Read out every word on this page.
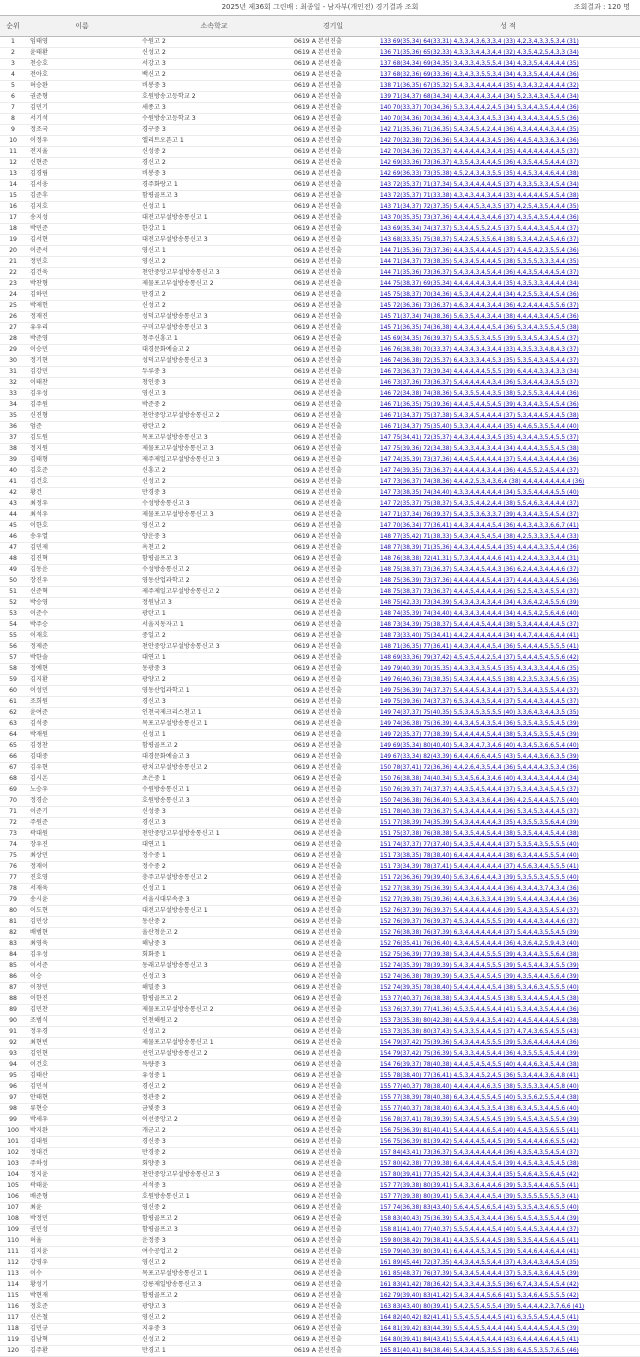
2025년 제36회 그린배 : 최종일 - 남자부(개인전) 경기결과 조회	조회결과 : 120 명
순위	이름	소속학교	경기일	성 적
1	임태영	수원고 2	0619 A 본선진출	133 69(35,34) 64(33,31) 4,3,3,4,3,6,3,3,4 (33) 4,2,3,4,3,3,5,3,4 (31)
2	윤태환	신성고 2	0619 A 본선진출	136 71(35,36) 65(32,33) 4,3,3,3,4,4,3,4,4 (32) 4,3,5,4,2,5,4,3,3 (34)
3	천승호	서강고 3	0619 A 본선진출	137 68(34,34) 69(34,35) 3,4,3,3,4,3,5,5,4 (34) 4,3,3,5,4,4,4,4,4 (35)
4	전아호	백신고 2	0619 A 본선진출	137 68(32,36) 69(33,36) 4,3,4,3,3,5,5,3,4 (34) 4,3,3,5,4,4,4,4,4 (36)
5	허승완	비봉중 3	0619 A 본선진출	138 71(36,35) 67(35,32) 5,4,3,3,4,4,4,4,4 (35) 4,3,4,3,2,4,4,4,4 (32)
6	권준형	호원방송고등학교 2	0619 A 본선진출	139 71(34,37) 68(34,34) 4,4,3,4,4,4,3,4,4 (34) 5,2,3,4,3,4,5,4,4 (34)
7	김민기	세종고 3	0619 A 본선진출	140 70(33,37) 70(34,36) 5,3,3,4,4,4,2,4,5 (34) 5,3,4,4,3,5,4,4,4 (36)
8	서기석	수원방송고등학교 3	0619 A 본선진출	140 70(34,36) 70(34,36) 4,3,4,4,3,4,4,5,3 (34) 4,3,4,4,3,4,4,5,5 (36)
9	정조국	경구중 3	0619 A 본선진출	142 71(35,36) 71(36,35) 5,4,3,4,5,4,2,4,4 (36) 4,3,4,4,4,4,3,4,4 (35)
10	이정우	엘리트오픈고 1	0619 A 본선진출	142 70(32,38) 72(36,36) 5,4,3,4,4,4,3,4,5 (36) 4,4,5,4,3,3,6,3,4 (36)
11	전지율	신성중 2	0619 A 본선진출	142 70(34,36) 72(35,37) 4,4,4,4,4,4,3,4,4 (35) 4,4,4,4,4,4,4,4,5 (37)
12	신현준	경신고 2	0619 A 본선진출	142 69(33,36) 73(36,37) 4,3,5,4,3,4,4,4,5 (36) 4,3,5,4,4,5,4,4,4 (37)
13	김경림	비봉중 3	0619 A 본선진출	142 69(36,33) 73(35,38) 4,5,2,4,3,4,3,5,5 (35) 4,4,5,3,4,4,6,4,4 (38)
14	김서웅	경주화랑고 1	0619 A 본선진출	143 72(35,37) 71(37,34) 5,4,3,4,4,4,4,4,5 (37) 4,3,3,5,3,3,4,5,4 (34)
15	김준후	함평골프고 3	0619 A 본선진출	143 72(35,37) 71(33,38) 4,3,4,3,4,4,3,4,4 (33) 4,4,4,4,4,5,4,5,4 (38)
16	김지호	신성고 1	0619 A 본선진출	143 71(34,37) 72(37,35) 5,4,4,4,5,3,4,3,5 (37) 4,2,5,4,3,5,4,4,4 (35)
17	송지성	대전고부설방송통신고 1	0619 A 본선진출	143 70(35,35) 73(37,36) 4,4,4,4,4,3,4,4,6 (37) 4,3,5,4,3,5,4,4,4 (36)
18	박민준	한강고 1	0619 A 본선진출	143 69(35,34) 74(37,37) 5,3,4,4,5,5,2,4,5 (37) 5,4,4,4,3,4,5,4,4 (37)
19	김서현	대전고부설방송통신고 3	0619 A 본선진출	143 68(33,35) 75(38,37) 5,4,2,4,5,3,5,6,4 (38) 5,3,4,4,2,4,5,4,6 (37)
20	이준서	영신고 1	0619 A 본선진출	144 71(35,36) 73(37,36) 4,4,3,5,4,4,4,4,5 (37) 4,4,5,4,2,3,5,5,4 (36)
21	정민호	영신고 2	0619 A 본선진출	144 71(34,37) 73(38,35) 5,4,3,4,5,4,4,4,5 (38) 5,3,5,5,3,3,3,4,4 (35)
22	김건욱	천안중앙고부설방송통신고 3	0619 A 본선진출	144 71(35,36) 73(36,37) 5,4,3,4,3,4,5,4,4 (36) 4,4,3,5,4,4,4,5,4 (37)
23	박찬형	제물포고부설방송통신고 2	0619 A 본선진출	144 75(38,37) 69(35,34) 4,4,4,4,4,4,3,4,4 (35) 4,3,5,3,3,4,4,4,4 (34)
24	김하민	만경고 2	0619 A 본선진출	145 75(38,37) 70(34,36) 4,5,3,4,4,4,2,4,4 (34) 4,2,5,5,3,4,4,5,4 (36)
25	박제헌	신성고 2	0619 A 본선진출	145 72(36,36) 73(36,37) 4,6,3,4,4,4,3,4,4 (36) 4,2,4,4,4,4,5,5,6 (37)
26	정재진	성덕고부설방송통신고 3	0619 A 본선진출	145 71(37,34) 74(38,36) 5,6,3,5,4,4,3,4,4 (38) 4,4,4,4,3,4,4,5,4 (36)
27	유우리	구미고부설방송통신고 3	0619 A 본선진출	145 71(36,35) 74(36,38) 4,4,3,4,4,4,4,5,4 (36) 5,3,4,4,3,5,5,4,5 (38)
28	박준영	청주신흥고 1	0619 A 본선진출	145 69(34,35) 76(39,37) 5,4,3,5,5,3,4,5,5 (39) 5,3,4,5,4,3,4,5,4 (37)
29	이승민	대경문화예술고 2	0619 A 본선진출	146 76(38,38) 70(33,37) 4,4,3,4,3,4,3,4,4 (33) 4,3,5,3,3,4,8,4,3 (37)
30	정기현	성덕고부설방송통신고 3	0619 A 본선진출	146 74(36,38) 72(35,37) 6,4,3,3,3,4,4,5,3 (35) 5,3,5,4,3,4,5,4,4 (37)
31	김강민	두루중 3	0619 A 본선진출	146 73(36,37) 73(39,34) 4,4,4,4,4,4,5,5,5 (39) 6,4,4,4,3,3,4,3,3 (34)
32	이태찬	청인중 3	0619 A 본선진출	146 73(37,36) 73(36,37) 5,4,4,4,4,4,4,3,4 (36) 5,3,4,4,4,3,4,5,5 (37)
33	김우성	영신고 3	0619 A 본선진출	146 72(34,38) 74(38,36) 5,4,3,5,5,4,4,3,5 (38) 5,2,5,5,3,4,4,4,4 (36)
34	김주원	박준중 2	0619 A 본선진출	146 71(36,35) 75(39,36) 4,4,4,5,4,4,5,4,5 (39) 4,3,4,4,3,5,4,5,4 (36)
35	신진형	천안중앙고부설방송통신고 2	0619 A 본선진출	146 71(34,37) 75(37,38) 5,4,3,4,5,4,4,4,4 (37) 5,3,4,4,4,5,4,4,5 (38)
36	엄준	광탄고 2	0619 A 본선진출	146 71(34,37) 75(35,40) 5,3,3,4,4,4,4,4,4 (35) 4,4,6,5,3,5,5,4,4 (40)
37	김도원	목포고부설방송통신고 3	0619 A 본선진출	147 75(34,41) 72(35,37) 4,4,3,4,4,4,3,4,5 (35) 4,3,4,4,3,5,4,5,5 (37)
38	정지원	제물포고부설방송통신고 3	0619 A 본선진출	147 75(39,36) 72(34,38) 5,4,3,3,4,4,3,4,4 (34) 4,4,4,4,3,5,5,4,5 (38)
39	김태형	제주제일고부설방송통신고 3	0619 A 본선진출	147 74(35,39) 73(37,36) 4,4,4,5,4,4,4,4,4 (37) 5,4,4,4,3,4,4,4,4 (36)
40	김호준	신흥고 2	0619 A 본선진출	147 74(39,35) 73(36,37) 4,4,4,4,4,4,3,4,4 (36) 4,4,5,5,2,4,5,4,4 (37)
41	김건호	신성고 2	0619 A 본선진출	147 73(36,37) 74(38,36) 4,4,4,2,5,3,4,3,6,4 (38) 4,4,4,4,4,4,4,4,4 (36)
42	황건	만경중 3	0619 A 본선진출	147 73(38,35) 74(34,40) 4,3,3,4,4,4,4,4,4 (34) 5,3,5,4,4,4,4,5,5 (40)
43	최정우	수성방송통신고 3	0619 A 본선진출	147 72(35,37) 75(38,37) 5,4,3,5,4,4,2,4,4 (38) 5,5,4,6,3,4,4,4,4 (37)
44	최석우	제물포고부설방송통신고 3	0619 A 본선진출	147 71(37,34) 76(39,37) 5,4,3,5,3,6,3,3,7 (39) 4,3,4,4,3,5,4,5,4 (37)
45	이한호	영신고 2	0619 A 본선진출	147 70(36,34) 77(36,41) 4,4,3,4,4,4,4,5,4 (36) 4,4,3,4,3,3,6,6,7 (41)
46	송우열	양운중 3	0619 A 본선진출	148 77(35,42) 71(38,33) 5,4,3,4,4,5,4,5,4 (38) 4,2,5,3,3,3,5,4,4 (33)
47	김민제	옥천고 2	0619 A 본선진출	148 77(38,39) 71(35,36) 4,4,3,4,4,4,5,4,4 (35) 4,4,4,4,3,3,5,4,4 (36)
48	김진혁	함평골프고 3	0619 A 본선진출	148 76(38,38) 72(41,31) 5,7,3,4,4,4,4,4,6 (41) 4,2,4,4,3,3,3,4,4 (31)
49	김동운	수성방송통신고 2	0619 A 본선진출	148 75(38,37) 73(36,37) 5,4,3,4,4,5,4,4,3 (36) 6,2,4,4,3,4,4,4,6 (37)
50	장진우	영동산업과학고 2	0619 A 본선진출	148 75(36,39) 73(37,36) 4,4,4,4,4,4,5,4,4 (37) 4,4,4,4,3,4,4,5,4 (36)
51	신준혁	제주제일고부설방송통신고 2	0619 A 본선진출	148 75(38,37) 73(36,37) 4,4,4,5,4,4,4,4,4 (36) 5,2,5,4,3,4,5,5,4 (37)
52	박승영	정원남고 3	0619 A 본선진출	148 75(42,33) 73(34,39) 5,4,3,4,3,4,3,4,4 (34) 4,3,6,4,2,4,5,5,6 (39)
53	이준수	광탄고 1	0619 A 본선진출	148 74(35,39) 74(34,40) 4,4,3,4,3,4,4,4,4 (34) 4,4,5,4,2,5,6,4,6 (40)
54	박주승	서울지동자고 1	0619 A 본선진출	148 73(34,39) 75(38,37) 5,4,4,4,4,5,4,4,4 (38) 5,3,4,4,4,4,4,4,5 (37)
55	이재호	중일고 2	0619 A 본선진출	148 73(33,40) 75(34,41) 4,4,2,4,4,4,4,4,4 (34) 4,4,7,4,4,4,6,4,4 (41)
56	정제준	천안중앙고부설방송통신고 3	0619 A 본선진출	148 71(36,35) 77(36,41) 4,4,3,4,4,4,4,5,4 (36) 5,4,4,4,4,5,5,5,5 (41)
57	박한솔	대연고 1	0619 A 본선진출	148 69(33,36) 79(37,42) 4,5,4,5,4,4,2,5,4 (37) 5,4,4,4,5,4,5,5,6 (42)
58	정예현	동광중 3	0619 A 본선진출	149 79(40,39) 70(35,35) 4,4,3,3,4,3,5,4,5 (35) 4,3,4,3,3,4,4,4,6 (35)
59	김지환	광양고 2	0619 A 본선진출	149 76(40,36) 73(38,35) 5,4,3,4,4,4,4,5,5 (38) 4,2,3,5,3,3,4,5,6 (35)
60	이성민	영동산업과학고 1	0619 A 본선진출	149 75(36,39) 74(37,37) 5,4,4,4,5,4,3,4,4 (37) 5,3,4,4,3,5,5,4,4 (37)
61	조희원	경신고 3	0619 A 본선진출	149 75(39,36) 74(37,37) 6,5,3,4,4,3,5,4,4 (37) 5,4,4,4,3,4,4,4,5 (37)
62	윤여준	인천국제크리스천고 1	0619 A 본선진출	149 74(37,37) 75(40,35) 5,5,3,4,5,3,5,5,5 (40) 3,3,6,4,3,4,4,3,5 (35)
63	김석중	목포고부설방송통신고 1	0619 A 본선진출	149 74(36,38) 75(36,39) 4,4,3,4,5,4,3,5,4 (36) 5,3,5,4,3,5,5,4,5 (39)
64	박재원	신성고 1	0619 A 본선진출	149 72(35,37) 77(38,39) 5,4,4,4,4,4,5,4,4 (38) 5,3,4,5,3,5,5,4,5 (39)
65	김정찬	함평골프고 2	0619 A 본선진출	149 69(35,34) 80(40,40) 5,4,3,4,4,7,3,4,6 (40) 4,3,4,5,3,6,6,5,4 (40)
66	김대중	대경문화예술고 3	0619 A 본선진출	149 67(33,34) 82(43,39) 6,4,4,4,6,6,4,4,5 (43) 5,4,4,4,3,6,6,3,5 (39)
67	김우현	광치고부설방송통신고 2	0619 A 본선진출	150 78(37,41) 72(36,36) 4,4,2,6,4,3,5,4,4 (36) 5,4,4,4,4,3,5,3,4 (36)
68	김시온	초은중 1	0619 A 본선진출	150 76(38,38) 74(40,34) 5,3,4,5,6,4,3,4,6 (40) 4,3,4,4,3,4,4,4,4 (34)
69	노승우	수원방송통신고 1	0619 A 본선진출	150 76(39,37) 74(37,37) 4,4,3,5,4,5,4,4,4 (37) 5,3,4,4,3,4,5,4,5 (37)
70	정경순	호원방송통신고 3	0619 A 본선진출	150 74(36,38) 76(36,40) 5,3,4,3,4,3,6,4,4 (36) 4,2,5,4,4,4,5,7,5 (40)
71	이준기	신성중 3	0619 A 본선진출	151 78(40,38) 73(36,37) 5,4,3,4,4,4,4,4,4 (36) 5,3,4,5,3,4,4,4,5 (37)
72	주원준	경신고 3	0619 A 본선진출	151 77(38,39) 74(35,39) 5,4,3,4,4,4,4,4,3 (35) 4,3,5,5,3,5,6,4,4 (39)
73	곽대원	천안중앙고부설방송통신고 1	0619 A 본선진출	151 75(37,38) 76(38,38) 5,4,3,5,4,4,5,4,4 (38) 5,3,5,4,4,4,5,4,4 (38)
74	장우진	대연고 1	0619 A 본선진출	151 74(37,37) 77(37,40) 5,4,3,5,4,4,4,4,4 (37) 5,3,5,4,3,5,5,5,5 (40)
75	최상민	정수중 1	0619 A 본선진출	151 73(38,35) 78(38,40) 6,4,4,4,4,4,4,4,4 (38) 6,3,4,4,4,5,5,5,4 (40)
76	정재이	정수중 2	0619 A 본선진출	151 73(34,39) 78(37,41) 5,4,4,4,4,4,4,4,4 (37) 4,5,6,3,4,4,5,5,5 (41)
77	진호영	충주고부설방송통신고 2	0619 A 본선진출	151 72(36,36) 79(39,40) 5,6,3,4,6,4,4,4,3 (39) 5,3,5,5,3,4,5,5,5 (40)
78	서재욱	신성고 1	0619 A 본선진출	152 77(38,39) 75(36,39) 5,4,3,4,4,4,4,4,4 (36) 4,3,4,4,3,7,4,3,4 (36)
79	송시윤	서울시대부속중 3	0619 A 본선진출	152 77(39,38) 75(39,36) 4,4,4,3,6,3,3,4,4 (39) 5,4,4,4,4,3,4,4,4 (36)
80	이도현	대전고부설방송통신고 1	0619 A 본선진출	152 76(37,39) 76(39,37) 5,4,4,4,4,4,4,4,6 (39) 5,4,3,4,3,5,4,5,4 (37)
81	김민상	동산중 2	0619 A 본선진출	152 76(39,37) 76(39,37) 4,5,3,4,4,4,5,5,5 (39) 4,4,4,4,3,4,4,4,6 (37)
82	배범현	울산청운고 2	0619 A 본선진출	152 76(38,38) 76(37,39) 6,3,4,4,4,4,4,4,4 (37) 5,4,4,4,3,5,5,4,5 (39)
83	최영욱	해남중 3	0619 A 본선진출	152 76(35,41) 76(36,40) 4,3,4,4,5,4,4,4,4 (36) 4,3,6,4,2,5,9,4,3 (40)
84	김우성	회화중 1	0619 A 본선진출	152 75(36,39) 77(39,38) 5,4,3,4,4,4,5,5,5 (39) 4,3,4,4,3,5,5,6,4 (38)
85	이서준	동래고부설방송통신고 3	0619 A 본선진출	152 74(35,39) 78(39,39) 5,4,3,4,4,4,5,5,5 (39) 5,4,5,4,4,3,4,5,5 (39)
86	이승	신성고 3	0619 A 본선진출	152 74(36,38) 78(39,39) 5,4,3,5,4,4,5,4,5 (39) 4,3,5,4,4,4,5,6,4 (39)
87	이창민	해밀중 3	0619 A 본선진출	152 74(39,35) 78(38,40) 5,4,4,4,4,4,4,5,4 (38) 5,3,4,6,3,4,5,5,5 (40)
88	이한진	함평골프고 2	0619 A 본선진출	153 77(40,37) 76(38,38) 5,4,3,4,4,4,5,4,5 (38) 5,3,4,4,4,5,4,4,5 (38)
89	김민찬	제물포고부설방송통신고 2	0619 A 본선진출	153 76(37,39) 77(41,36) 4,5,3,5,4,4,5,4,4 (41) 5,3,4,4,3,5,4,4,4 (36)
90	조범식	인천해원고 2	0619 A 본선진출	153 73(35,38) 80(42,38) 4,4,5,9,4,4,3,5,4 (42) 4,4,5,4,4,4,4,5,4 (38)
91	정우경	신성고 2	0619 A 본선진출	153 73(35,38) 80(37,43) 5,4,3,3,5,4,4,4,5 (37) 4,7,4,3,6,5,4,5,5 (43)
92	최현빈	제물포고부설방송통신고 1	0619 A 본선진출	154 79(37,42) 75(39,36) 5,4,3,4,4,4,5,5,5 (39) 5,3,6,4,4,4,4,4,4 (36)
93	김인현	선인고부설방송통신고 2	0619 A 본선진출	154 79(37,42) 75(36,39) 5,4,3,3,4,4,5,4,4 (36) 4,3,5,5,5,4,5,4,4 (39)
94	이건호	득량중 3	0619 A 본선진출	154 76(39,37) 78(40,38) 4,4,4,5,4,5,4,5,5 (40) 4,4,4,6,3,4,5,4,4 (38)
95	김태산	유성중 1	0619 A 본선진출	155 78(38,40) 77(36,41) 4,5,3,4,4,5,2,4,5 (36) 5,3,4,4,4,3,6,4,8 (41)
96	김민석	경신고 2	0619 A 본선진출	155 77(40,37) 78(38,40) 4,4,4,4,4,4,6,3,5 (38) 5,3,5,3,3,4,4,5,8 (40)
97	안태현	정관중 2	0619 A 본선진출	155 77(38,39) 78(40,38) 6,4,3,4,4,5,5,4,5 (40) 5,3,5,6,2,5,5,4,4 (38)
98	류현승	금빛중 3	0619 A 본선진출	155 77(40,37) 78(38,40) 6,4,3,4,4,5,3,5,4 (38) 6,3,4,5,3,4,4,5,6 (40)
99	박세우	이선중앙고 2	0619 A 본선진출	156 78(37,41) 78(39,39) 5,4,3,4,5,4,5,4,5 (39) 5,4,5,4,3,4,5,5,4 (39)
100	박지완	개군고 2	0619 A 본선진출	156 75(36,39) 81(40,41) 5,4,4,4,4,4,6,5,4 (40) 4,4,5,4,3,5,6,5,5 (41)
101	김대원	경신중 3	0619 A 본선진출	156 75(36,39) 81(39,42) 5,4,4,4,4,5,4,4,5 (39) 5,4,4,4,4,6,6,5,5 (42)
102	정대건	만경중 2	0619 A 본선진출	157 84(43,41) 73(36,37) 5,4,3,4,4,4,4,4,4 (36) 4,3,5,4,3,5,4,5,4 (37)
103	주하성	회양중 3	0619 A 본선진출	157 80(42,38) 77(39,38) 6,4,4,4,4,4,4,5,4 (39) 4,4,5,4,3,4,5,4,5 (38)
104	정지윤	천안중앙고부설방송통신고 3	0619 A 본선진출	157 80(39,41) 77(35,42) 5,4,3,4,4,4,3,4,4 (35) 5,4,6,4,3,5,6,4,5 (42)
105	곽태윤	서석중 3	0619 A 본선진출	157 77(39,38) 80(39,41) 5,4,3,3,6,4,4,4,6 (39) 5,3,5,4,4,4,6,5,5 (41)
106	배준형	호원방송통신고 1	0619 A 본선진출	157 77(39,38) 80(39,41) 5,6,3,4,4,4,4,5,4 (39) 5,3,5,5,5,5,5,5,3 (41)
107	최윤	영신중 2	0619 A 본선진출	157 74(36,38) 83(43,40) 5,6,4,4,5,4,6,5,4 (43) 5,3,5,4,3,4,6,5,5 (40)
108	박정민	함평골프고 2	0619 A 본선진출	158 83(40,43) 75(36,39) 5,4,3,5,4,3,4,4,4 (36) 5,4,5,4,3,5,5,4,4 (39)
109	권민성	함평골프고 3	0619 A 본선진출	158 81(41,40) 77(40,37) 5,5,5,4,4,4,4,5,4 (40) 5,4,4,5,3,4,4,4,4 (37)
110	허율	운정중 3	0619 A 본선진출	159 80(38,42) 79(38,41) 4,4,3,5,5,4,4,4,5 (38) 5,3,5,4,4,5,6,4,5 (41)
111	김지윤	여수공업고 2	0619 A 본선진출	159 79(40,39) 80(39,41) 6,4,4,4,4,5,3,4,5 (39) 5,4,4,6,4,4,6,4,4 (41)
112	강영우	영신고 2	0619 A 본선진출	161 89(45,44) 72(37,35) 4,4,3,4,4,5,5,4,4 (37) 4,3,4,4,3,4,4,5,4 (35)
113	이수	목포고부설방송통신고 1	0619 A 본선진출	161 85(48,37) 76(37,39) 5,4,3,4,5,4,4,4,4 (37) 5,3,5,4,3,6,4,4,5 (39)
114	황성기	강릉제일방송통신고 3	0619 A 본선진출	161 83(41,42) 78(36,42) 5,4,3,3,4,4,3,5,5 (36) 6,7,4,3,4,5,4,5,4 (42)
115	박현재	함평골프고 2	0619 A 본선진출	162 79(39,40) 83(41,42) 5,4,3,4,4,4,5,6,6 (41) 5,3,4,6,4,5,5,5,5 (42)
116	정호준	광양고 3	0619 A 본선진출	163 83(43,40) 80(39,41) 5,4,2,5,5,4,5,5,4 (39) 5,4,4,4,4,2,3,7,6,6 (41)
117	신은철	영신고 2	0619 A 본선진출	164 82(40,42) 82(41,41) 5,5,4,5,5,4,4,4,5 (41) 6,3,5,5,4,5,4,4,5 (41)
118	김민규	지유중 3	0619 A 본선진출	164 81(39,42) 83(44,39) 5,5,4,4,5,5,4,4,4 (44) 5,4,4,4,4,5,4,4,5 (39)
119	김남혁	신성고 2	0619 A 본선진출	164 80(39,41) 84(43,41) 5,5,4,4,4,5,4,4,4 (43) 6,4,4,4,4,6,4,4,5 (41)
120	김주환	만경고 1	0619 A 본선진출	165 81(40,41) 84(38,46) 5,4,3,4,4,5,3,5,5 (38) 6,4,5,5,3,5,7,6,5 (46)
